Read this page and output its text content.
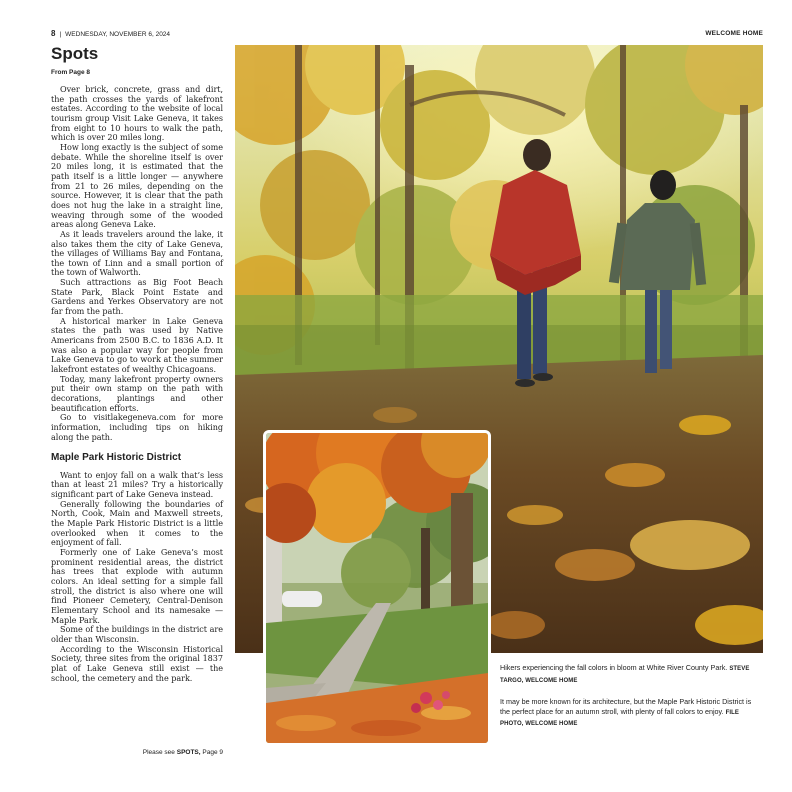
8 | WEDNESDAY, NOVEMBER 6, 2024	WELCOME HOME
Spots
From Page 8

Over brick, concrete, grass and dirt, the path crosses the yards of lakefront estates. According to the website of local tourism group Visit Lake Geneva, it takes from eight to 10 hours to walk the path, which is over 20 miles long.

How long exactly is the subject of some debate. While the shoreline itself is over 20 miles long, it is estimated that the path itself is a little longer — anywhere from 21 to 26 miles, depending on the source. However, it is clear that the path does not hug the lake in a straight line, weaving through some of the wooded areas along Geneva Lake.

As it leads travelers around the lake, it also takes them the city of Lake Geneva, the villages of Williams Bay and Fontana, the town of Linn and a small portion of the town of Walworth.

Such attractions as Big Foot Beach State Park, Black Point Estate and Gardens and Yerkes Observatory are not far from the path.

A historical marker in Lake Geneva states the path was used by Native Americans from 2500 B.C. to 1836 A.D. It was also a popular way for people from Lake Geneva to go to work at the summer lakefront estates of wealthy Chicagoans.

Today, many lakefront property owners put their own stamp on the path with decorations, plantings and other beautification efforts.

Go to visitlakegeneva.com for more information, including tips on hiking along the path.

Maple Park Historic District

Want to enjoy fall on a walk that’s less than at least 21 miles? Try a historically significant part of Lake Geneva instead.

Generally following the boundaries of North, Cook, Main and Maxwell streets, the Maple Park Historic District is a little overlooked when it comes to the enjoyment of fall.

Formerly one of Lake Geneva’s most prominent residential areas, the district has trees that explode with autumn colors. An ideal setting for a simple fall stroll, the district is also where one will find Pioneer Cemetery, Central-Denison Elementary School and its namesake — Maple Park.

Some of the buildings in the district are older than Wisconsin.

According to the Wisconsin Historical Society, three sites from the original 1837 plat of Lake Geneva still exist — the school, the cemetery and the park.

Please see SPOTS, Page 9
Hikers experiencing the fall colors in bloom at White River County Park. STEVE TARGO, WELCOME HOME
It may be more known for its architecture, but the Maple Park Historic District is the perfect place for an autumn stroll, with plenty of fall colors to enjoy. FILE PHOTO, WELCOME HOME
